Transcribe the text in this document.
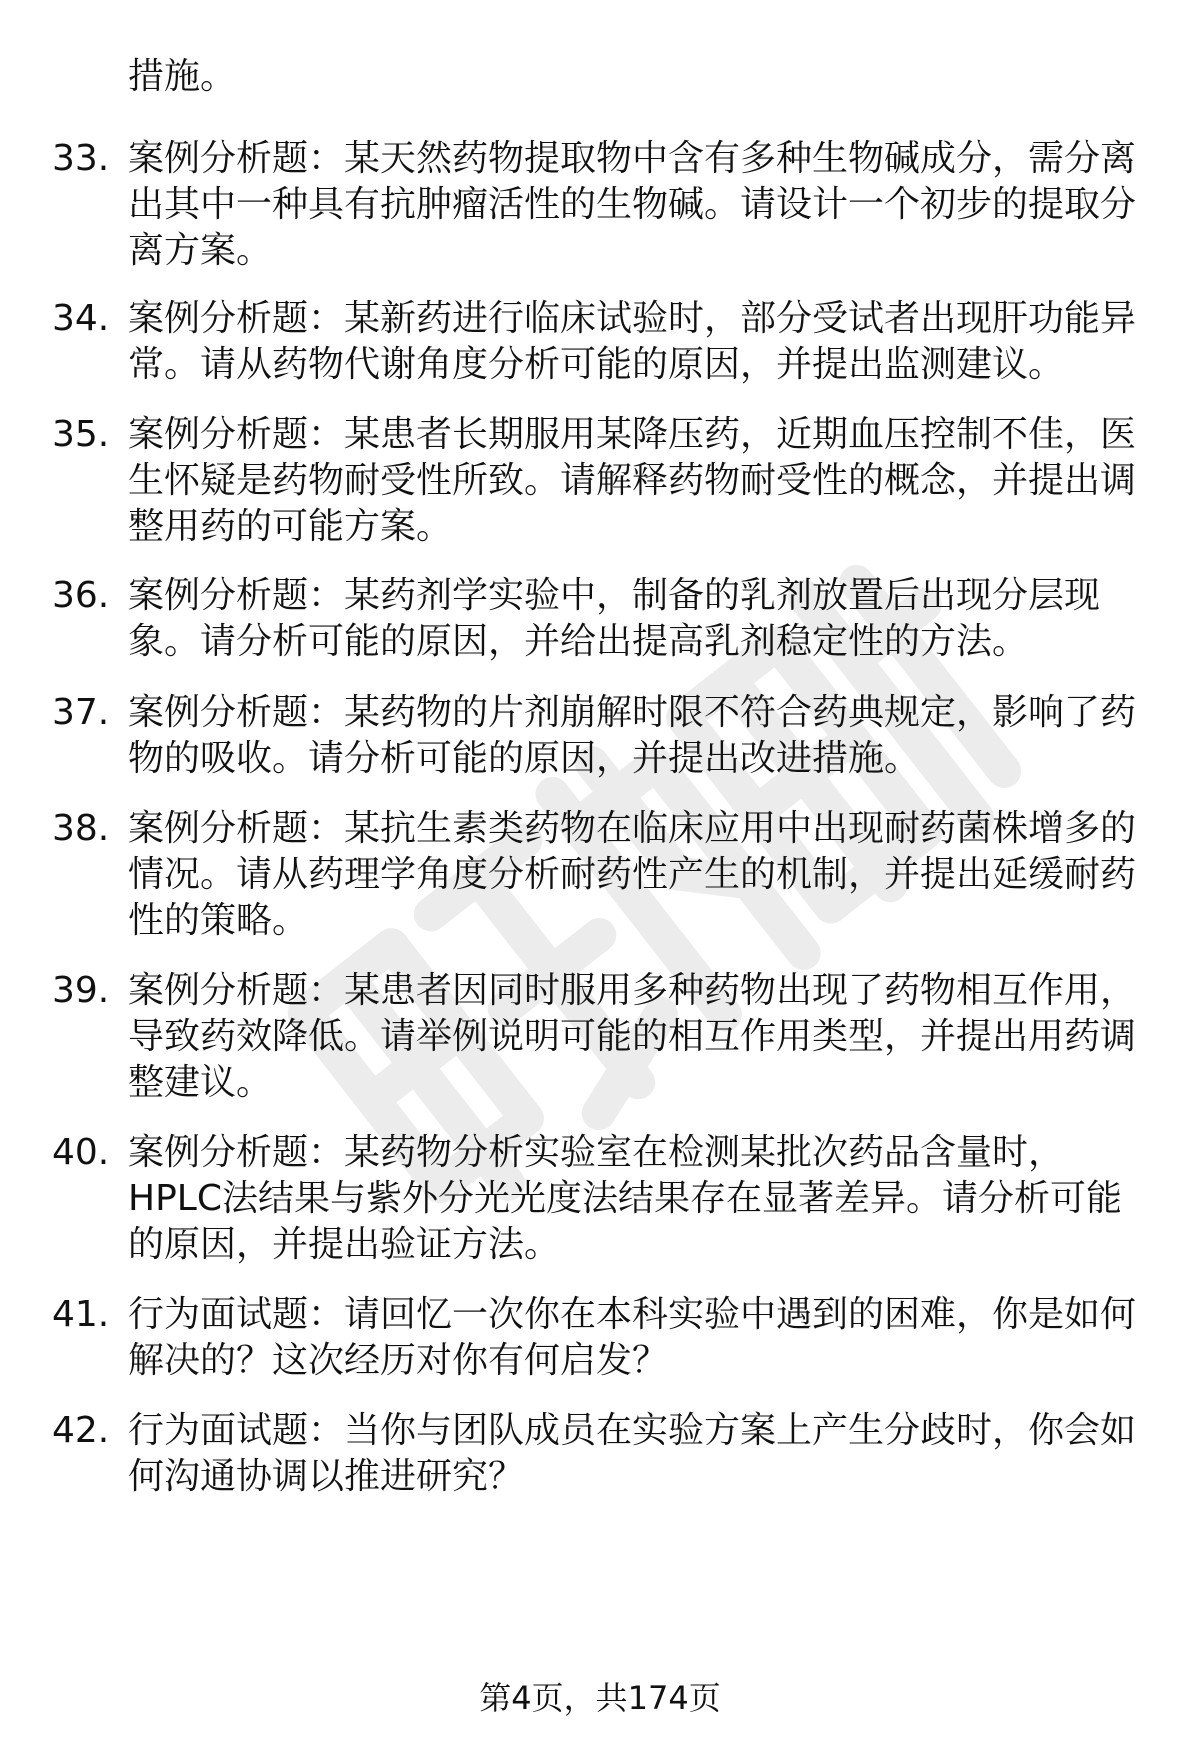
措施。

33. 案例分析题：某天然药物提取物中含有多种生物碱成分，需分离出其中一种具有抗肿瘤活性的生物碱。请设计一个初步的提取分离方案。

34. 案例分析题：某新药进行临床试验时，部分受试者出现肝功能异常。请从药物代谢角度分析可能的原因，并提出监测建议。

35. 案例分析题：某患者长期服用某降压药，近期血压控制不佳，医生怀疑是药物耐受性所致。请解释药物耐受性的概念，并提出调整用药的可能方案。

36. 案例分析题：某药剂学实验中，制备的乳剂放置后出现分层现象。请分析可能的原因，并给出提高乳剂稳定性的方法。

37. 案例分析题：某药物的片剂崩解时限不符合药典规定，影响了药物的吸收。请分析可能的原因，并提出改进措施。

38. 案例分析题：某抗生素类药物在临床应用中出现耐药菌株增多的情况。请从药理学角度分析耐药性产生的机制，并提出延缓耐药性的策略。

39. 案例分析题：某患者因同时服用多种药物出现了药物相互作用，导致药效降低。请举例说明可能的相互作用类型，并提出用药调整建议。

40. 案例分析题：某药物分析实验室在检测某批次药品含量时，HPLC法结果与紫外分光光度法结果存在显著差异。请分析可能的原因，并提出验证方法。

41. 行为面试题：请回忆一次你在本科实验中遇到的困难，你是如何解决的？这次经历对你有何启发？

42. 行为面试题：当你与团队成员在实验方案上产生分歧时，你会如何沟通协调以推进研究？

第4页，共174页
